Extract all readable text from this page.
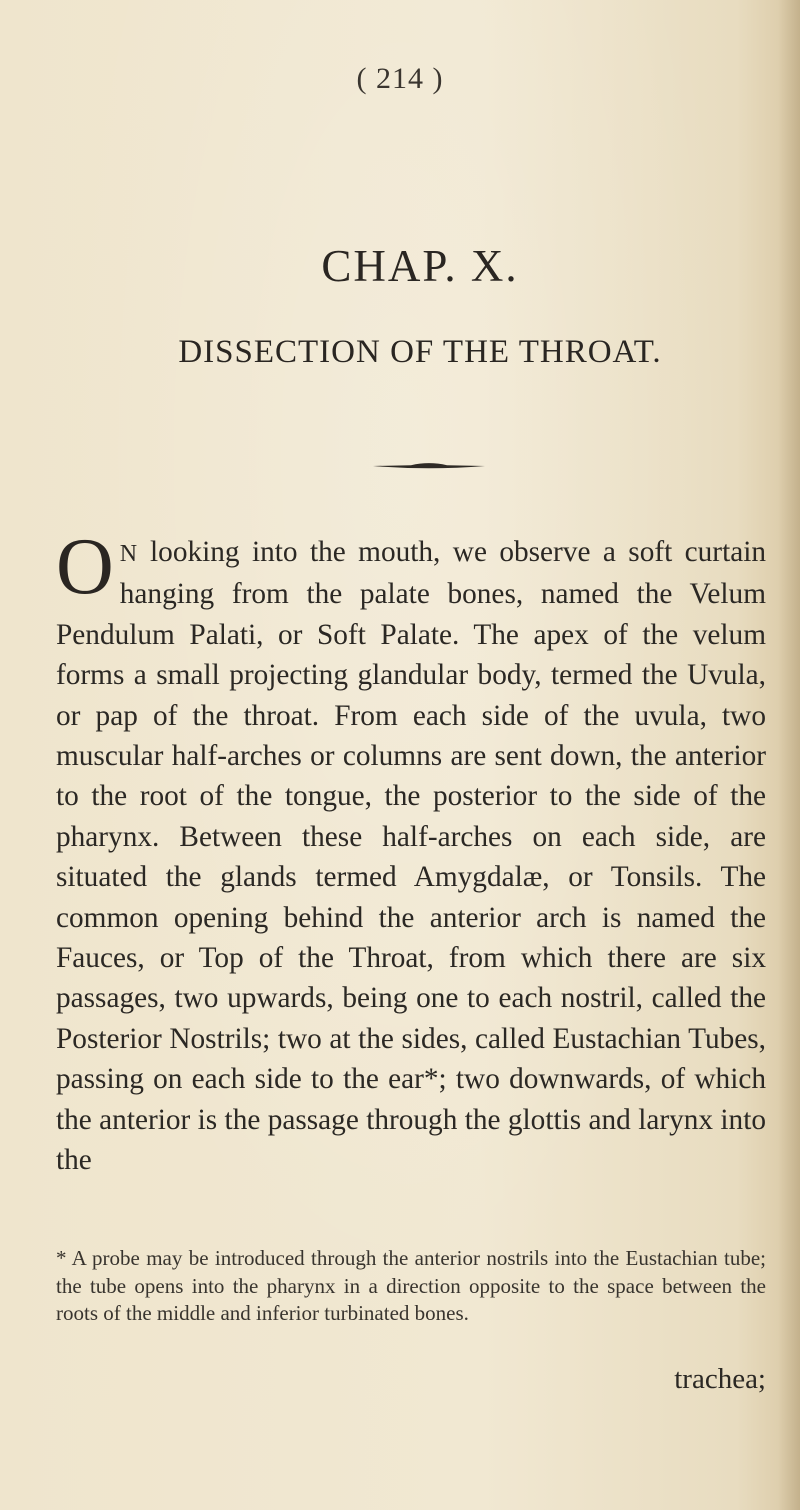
( 214 )
CHAP. X.
DISSECTION OF THE THROAT.
O N looking into the mouth, we observe a soft curtain hanging from the palate bones, named the Velum Pendulum Palati, or Soft Palate. The apex of the velum forms a small projecting glandular body, termed the Uvula, or pap of the throat. From each side of the uvula, two muscular half-arches or columns are sent down, the anterior to the root of the tongue, the posterior to the side of the pharynx. Between these half-arches on each side, are situated the glands termed Amygdalæ, or Tonsils. The common opening behind the anterior arch is named the Fauces, or Top of the Throat, from which there are six passages, two upwards, being one to each nostril, called the Posterior Nostrils; two at the sides, called Eustachian Tubes, passing on each side to the ear*; two downwards, of which the anterior is the passage through the glottis and larynx into the
* A probe may be introduced through the anterior nostrils into the Eustachian tube; the tube opens into the pharynx in a direction opposite to the space between the roots of the middle and inferior turbinated bones.
trachea;
